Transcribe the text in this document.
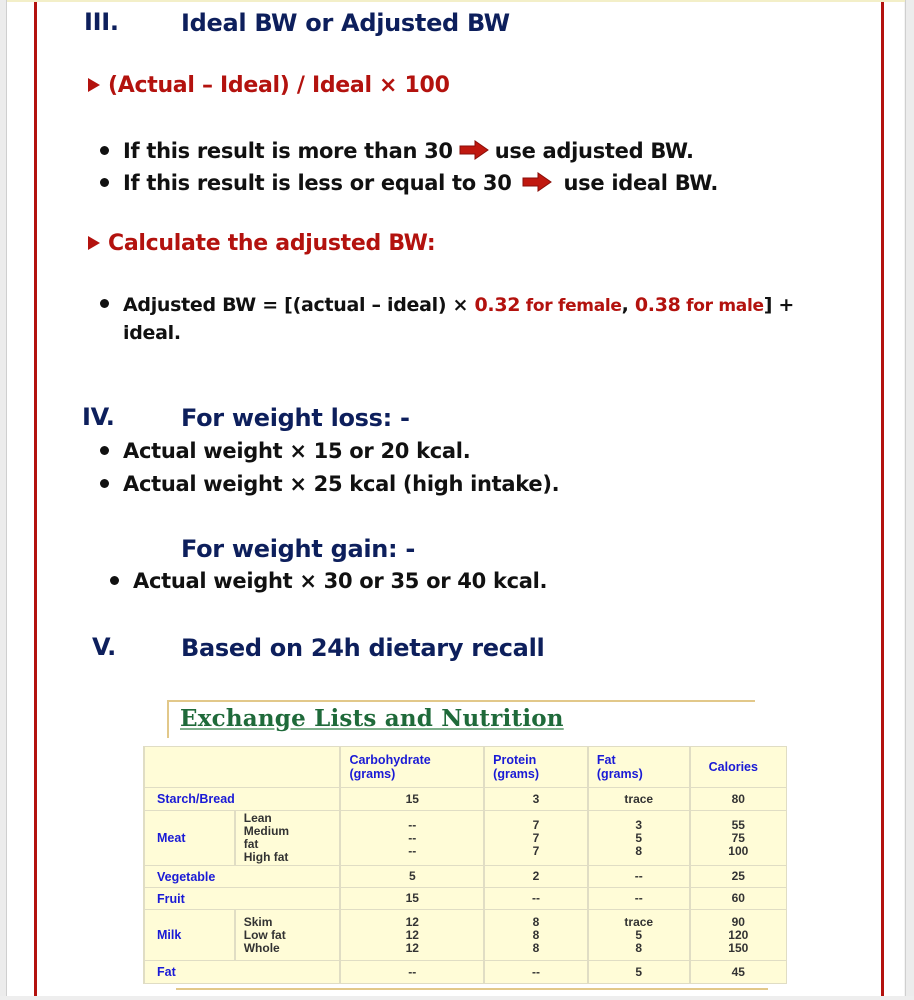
III.	Ideal BW or Adjusted BW
(Actual – Ideal) / Ideal × 100
If this result is more than 30 use adjusted BW.
If this result is less or equal to 30 use ideal BW.
Calculate the adjusted BW:
Adjusted BW = [(actual – ideal) × 0.32 for female, 0.38 for male] +
ideal.
IV.	For weight loss: -
Actual weight × 15 or 20 kcal.
Actual weight × 25 kcal (high intake).
For weight gain: -
Actual weight × 30 or 35 or 40 kcal.
V.	Based on 24h dietary recall
Exchange Lists and Nutrition
		Carbohydrate
(grams)	Protein
(grams)	Fat
(grams)	Calories
Starch/Bread		15	3	trace	80
Meat	Lean
Medium
fat
High fat	--
--
--	7
7
7	3
5
8	55
75
100
Vegetable		5	2	--	25
Fruit		15	--	--	60
Milk	Skim
Low fat
Whole	12
12
12	8
8
8	trace
5
8	90
120
150
Fat		--	--	5	45
